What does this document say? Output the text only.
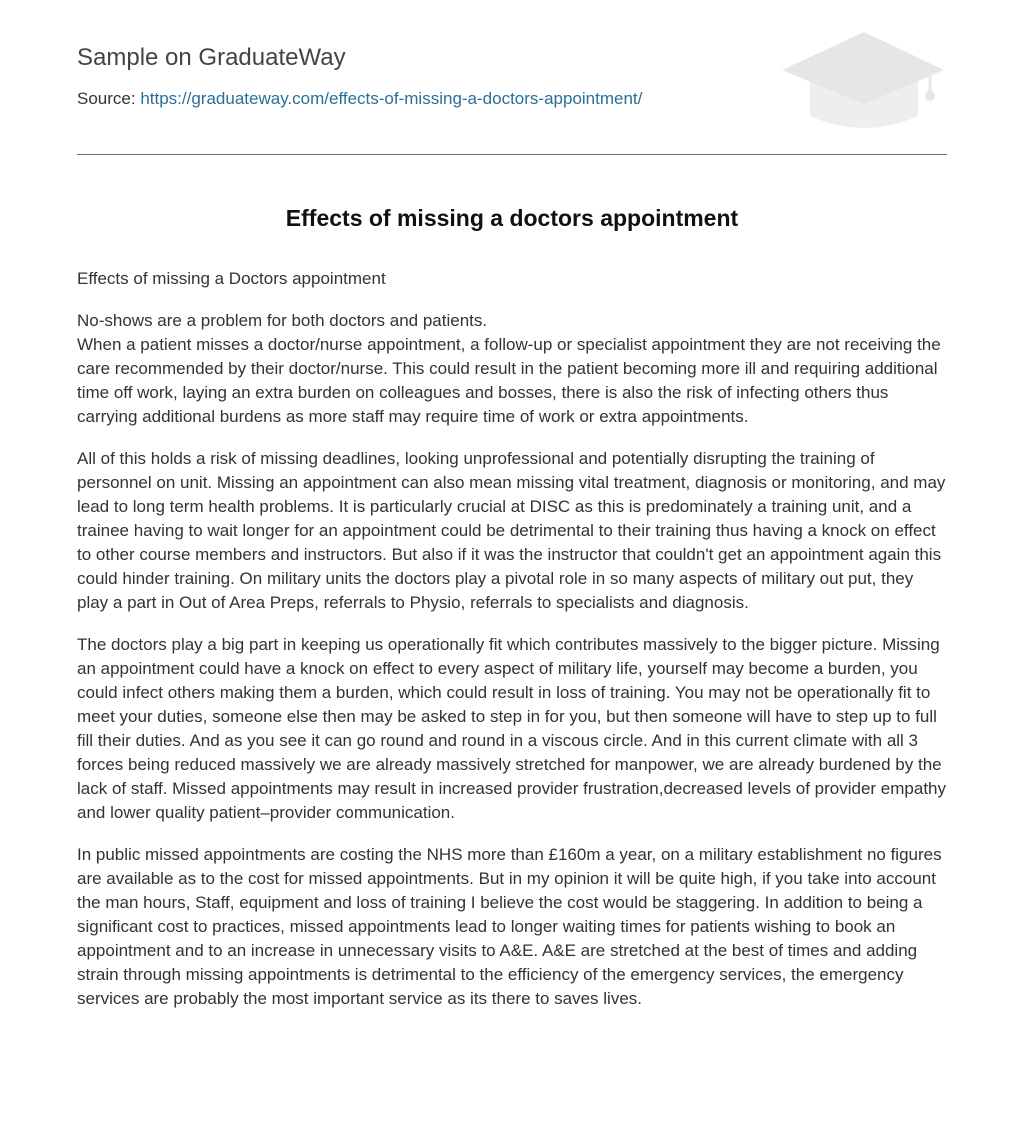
Sample on GraduateWay
Source: https://graduateway.com/effects-of-missing-a-doctors-appointment/
Effects of missing a doctors appointment

Effects of missing a Doctors appointment

No-shows are a problem for both doctors and patients.
When a patient misses a doctor/nurse appointment, a follow-up or specialist appointment they are not receiving the care recommended by their doctor/nurse. This could result in the patient becoming more ill and requiring additional time off work, laying an extra burden on colleagues and bosses, there is also the risk of infecting others thus carrying additional burdens as more staff may require time of work or extra appointments.

All of this holds a risk of missing deadlines, looking unprofessional and potentially disrupting the training of personnel on unit. Missing an appointment can also mean missing vital treatment, diagnosis or monitoring, and may lead to long term health problems. It is particularly crucial at DISC as this is predominately a training unit, and a trainee having to wait longer for an appointment could be detrimental to their training thus having a knock on effect to other course members and instructors. But also if it was the instructor that couldn't get an appointment again this could hinder training. On military units the doctors play a pivotal role in so many aspects of military out put, they play a part in Out of Area Preps, referrals to Physio, referrals to specialists and diagnosis.

The doctors play a big part in keeping us operationally fit which contributes massively to the bigger picture. Missing an appointment could have a knock on effect to every aspect of military life, yourself may become a burden, you could infect others making them a burden, which could result in loss of training. You may not be operationally fit to meet your duties, someone else then may be asked to step in for you, but then someone will have to step up to full fill their duties. And as you see it can go round and round in a viscous circle. And in this current climate with all 3 forces being reduced massively we are already massively stretched for manpower, we are already burdened by the lack of staff. Missed appointments may result in increased provider frustration,decreased levels of provider empathy and lower quality patient–provider communication.

In public missed appointments are costing the NHS more than £160m a year, on a military establishment no figures are available as to the cost for missed appointments. But in my opinion it will be quite high, if you take into account the man hours, Staff, equipment and loss of training I believe the cost would be staggering. In addition to being a significant cost to practices, missed appointments lead to longer waiting times for patients wishing to book an appointment and to an increase in unnecessary visits to A&E. A&E are stretched at the best of times and adding strain through missing appointments is detrimental to the efficiency of the emergency services, the emergency services are probably the most important service as its there to saves lives.
